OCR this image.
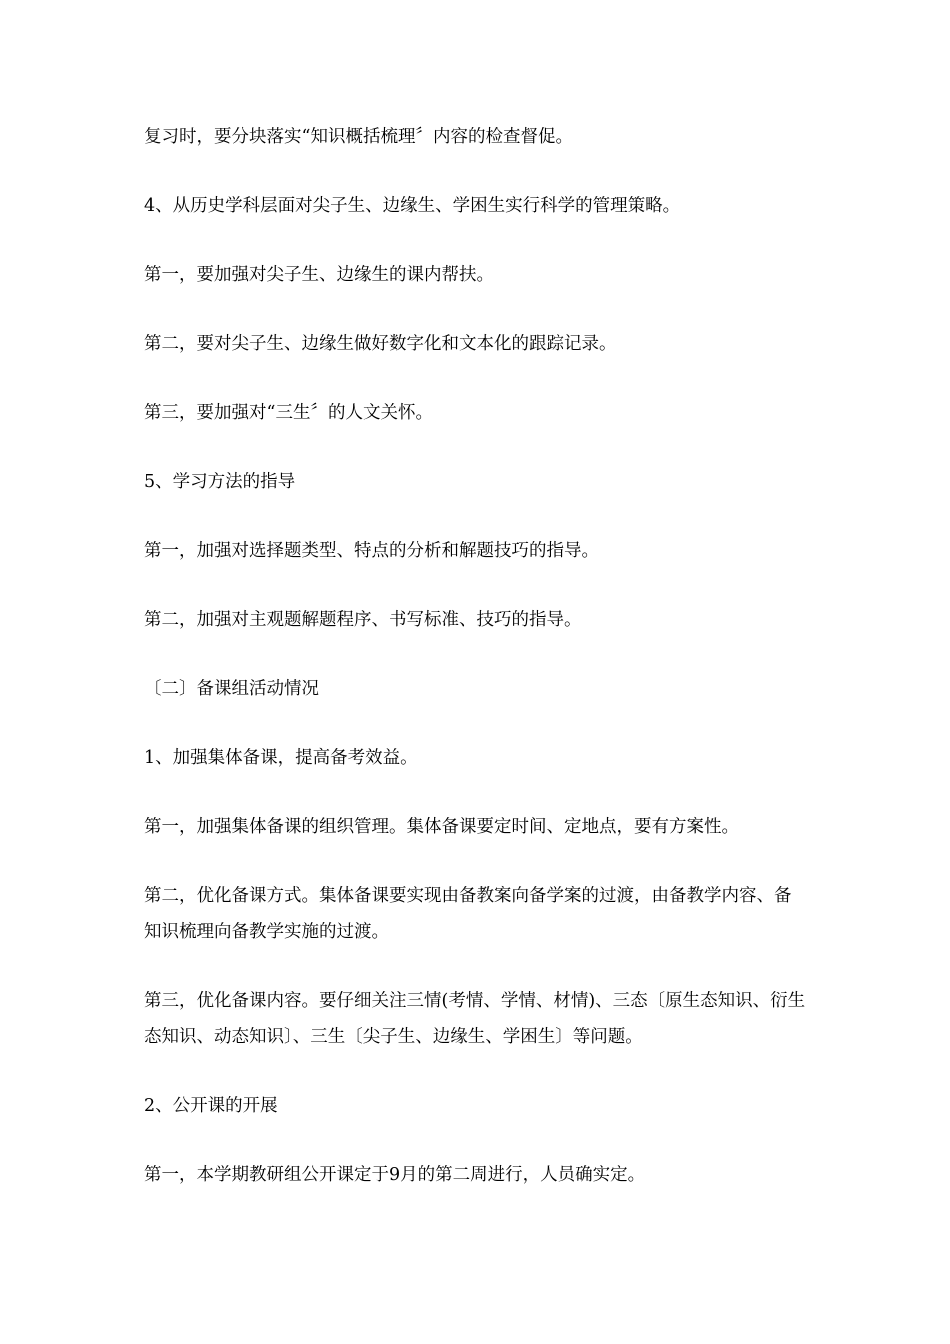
复习时，要分块落实“知识概括梳理〞内容的检查督促。

4、从历史学科层面对尖子生、边缘生、学困生实行科学的管理策略。

第一，要加强对尖子生、边缘生的课内帮扶。

第二，要对尖子生、边缘生做好数字化和文本化的跟踪记录。

第三，要加强对“三生〞的人文关怀。

5、学习方法的指导

第一，加强对选择题类型、特点的分析和解题技巧的指导。

第二，加强对主观题解题程序、书写标准、技巧的指导。

〔二〕备课组活动情况

1、加强集体备课，提高备考效益。

第一，加强集体备课的组织管理。集体备课要定时间、定地点，要有方案性。

第二，优化备课方式。集体备课要实现由备教案向备学案的过渡，由备教学内容、备知识梳理向备教学实施的过渡。

第三，优化备课内容。要仔细关注三情(考情、学情、材情)、三态〔原生态知识、衍生态知识、动态知识〕、三生〔尖子生、边缘生、学困生〕等问题。

2、公开课的开展

第一，本学期教研组公开课定于9月的第二周进行，人员确实定。
